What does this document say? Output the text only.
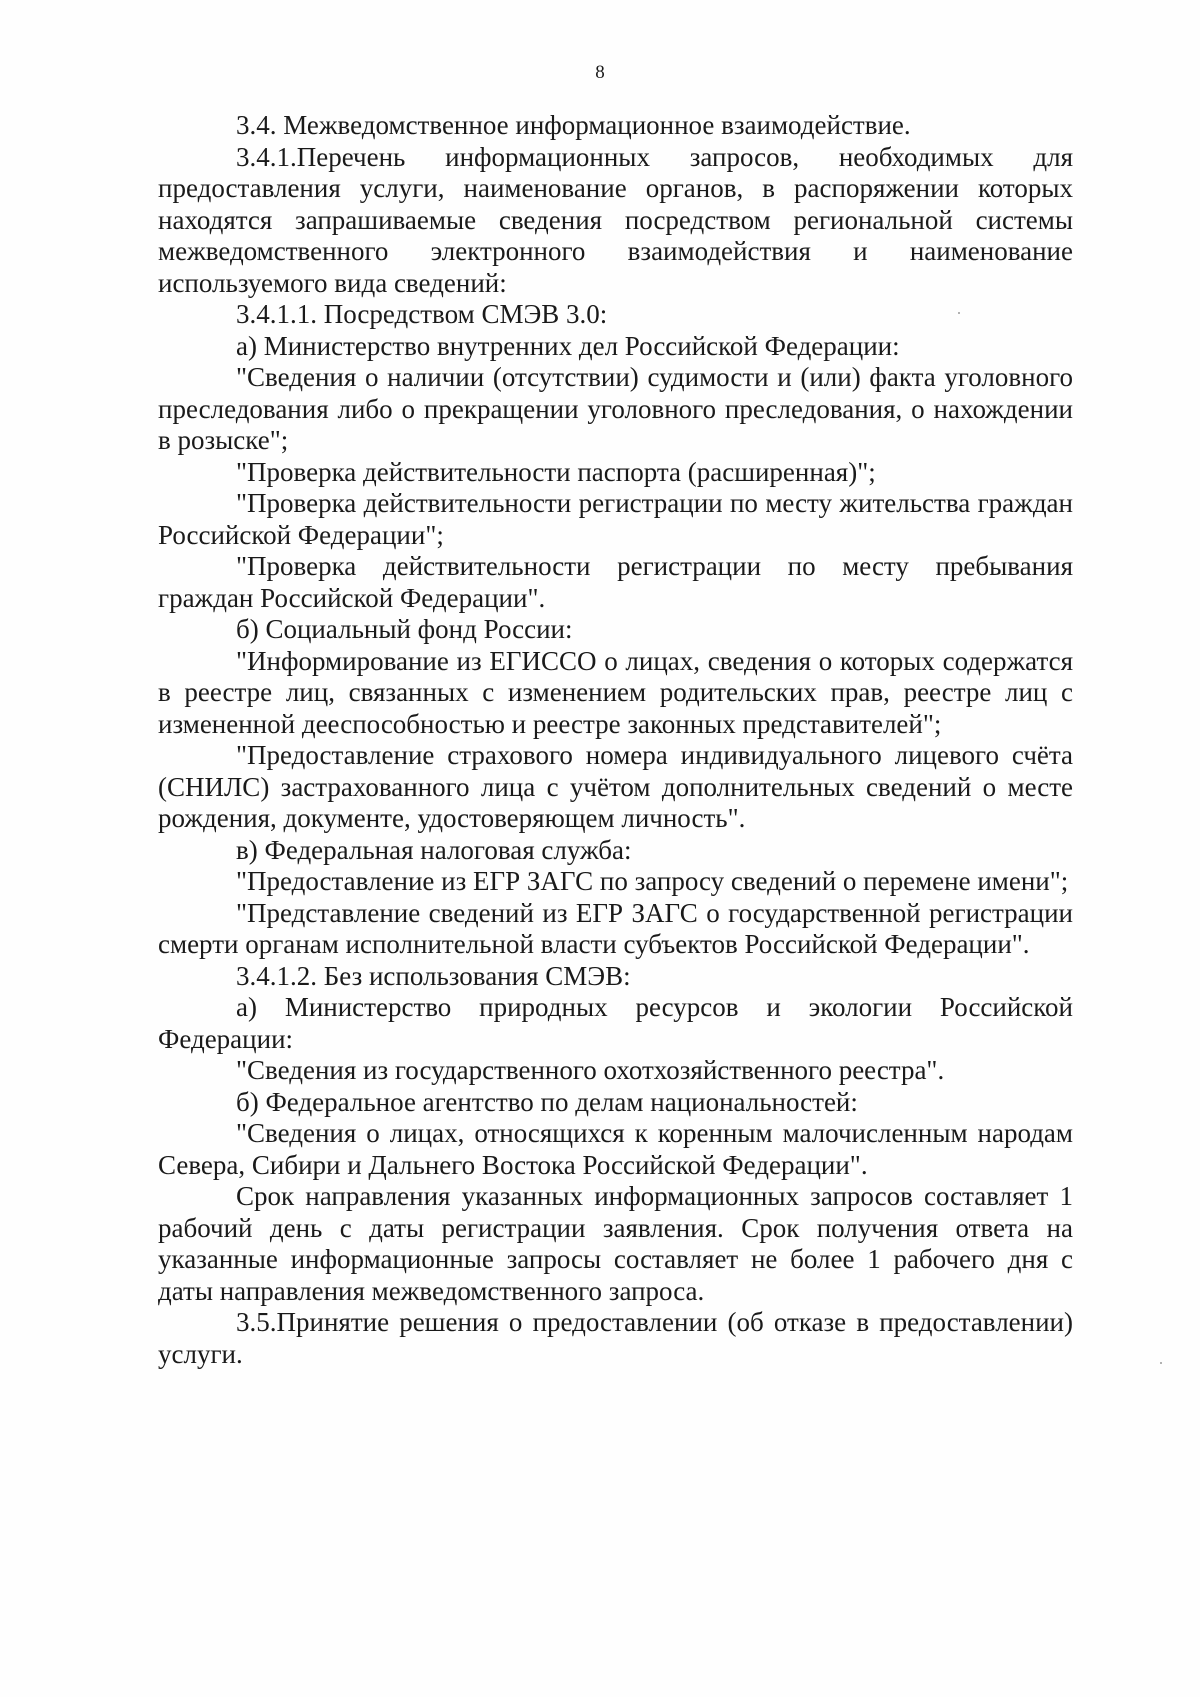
8

3.4. Межведомственное информационное взаимодействие.

3.4.1.Перечень информационных запросов, необходимых для предоставления услуги, наименование органов, в распоряжении которых находятся запрашиваемые сведения посредством региональной системы межведомственного электронного взаимодействия и наименование используемого вида сведений:

3.4.1.1. Посредством СМЭВ 3.0:

а) Министерство внутренних дел Российской Федерации:

"Сведения о наличии (отсутствии) судимости и (или) факта уголовного преследования либо о прекращении уголовного преследования, о нахождении в розыске";

"Проверка действительности паспорта (расширенная)";

"Проверка действительности регистрации по месту жительства граждан Российской Федерации";

"Проверка действительности регистрации по месту пребывания граждан Российской Федерации".

б) Социальный фонд России:

"Информирование из ЕГИССО о лицах, сведения о которых содержатся в реестре лиц, связанных с изменением родительских прав, реестре лиц с измененной дееспособностью и реестре законных представителей";

"Предоставление страхового номера индивидуального лицевого счёта (СНИЛС) застрахованного лица с учётом дополнительных сведений о месте рождения, документе, удостоверяющем личность".

в) Федеральная налоговая служба:

"Предоставление из ЕГР ЗАГС по запросу сведений о перемене имени";

"Представление сведений из ЕГР ЗАГС о государственной регистрации смерти органам исполнительной власти субъектов Российской Федерации".

3.4.1.2. Без использования СМЭВ:

а) Министерство природных ресурсов и экологии Российской Федерации:

"Сведения из государственного охотхозяйственного реестра".

б) Федеральное агентство по делам национальностей:

"Сведения о лицах, относящихся к коренным малочисленным народам Севера, Сибири и Дальнего Востока Российской Федерации".

Срок направления указанных информационных запросов составляет 1 рабочий день с даты регистрации заявления. Срок получения ответа на указанные информационные запросы составляет не более 1 рабочего дня с даты направления межведомственного запроса.

3.5.Принятие решения о предоставлении (об отказе в предоставлении) услуги.
